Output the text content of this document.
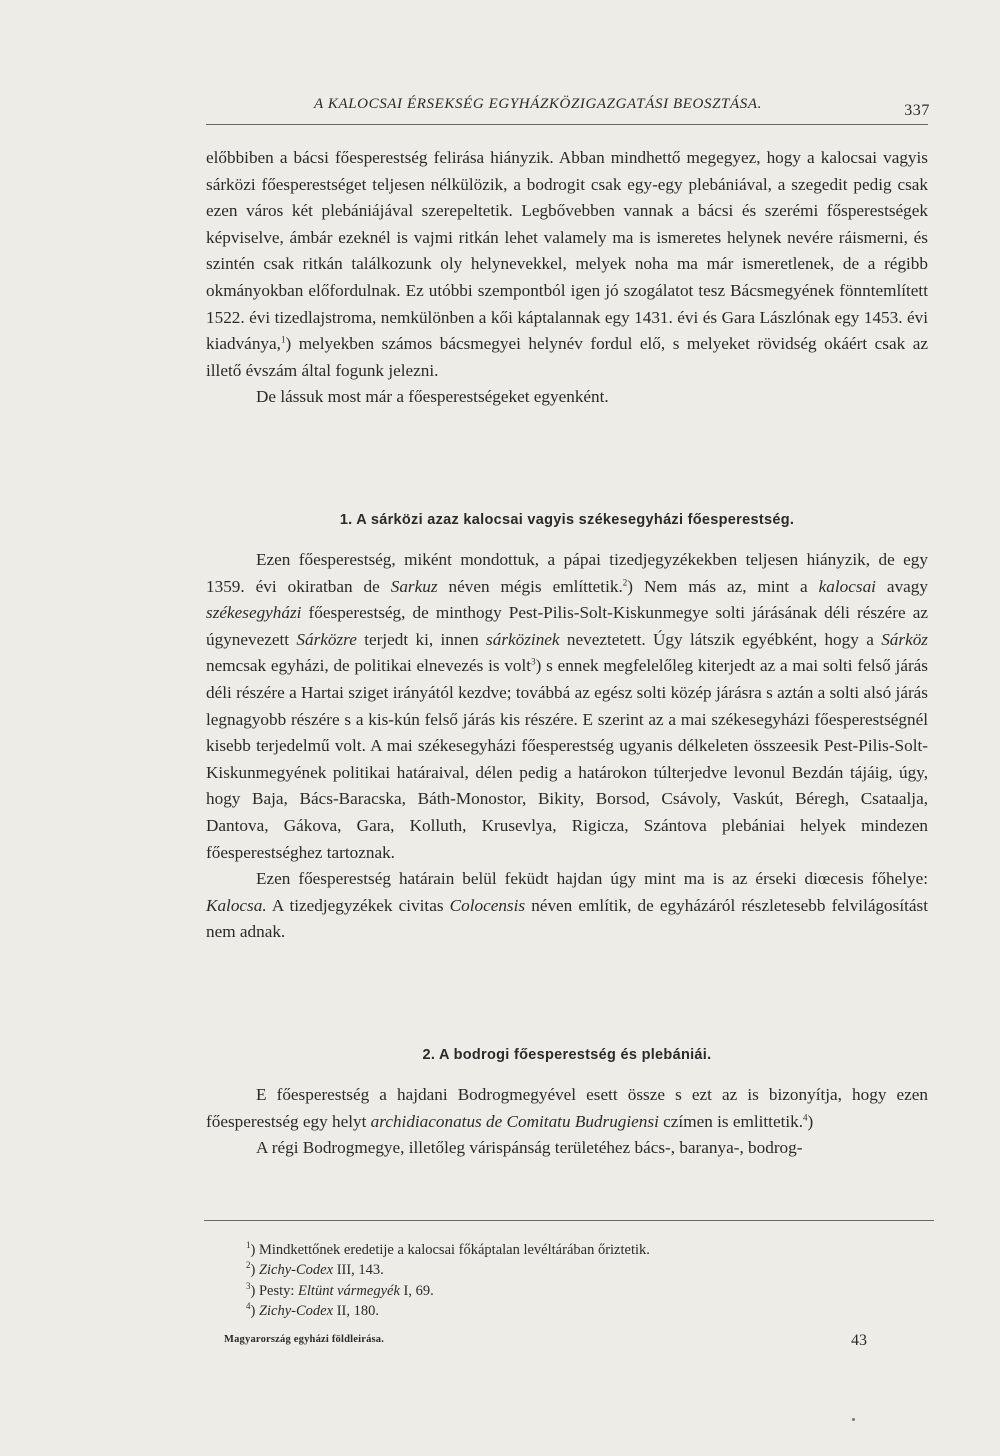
A KALOCSAI ÉRSEKSÉG EGYHÁZKÖZIGAZGATÁSI BEOSZTÁSA.	337

előbbiben a bácsi főesperestség felirása hiányzik. Abban mindhettő megegyez, hogy a kalocsai vagyis sárközi főesperestséget teljesen nélkülözik, a bodrogit csak egy-egy plebániával, a szegedit pedig csak ezen város két plebániájával szerepeltetik. Legbővebben vannak a bácsi és szerémi fősperestségek képviselve, ámbár ezeknél is vajmi ritkán lehet valamely ma is ismeretes helynek nevére ráismerni, és szintén csak ritkán találkozunk oly helynevekkel, melyek noha ma már ismeretlenek, de a régibb okmányokban előfordulnak. Ez utóbbi szempontból igen jó szogálatot tesz Bácsmegyének fönntemlített 1522. évi tizedlajstroma, nemkülönben a kői káptalannak egy 1431. évi és Gara Lászlónak egy 1453. évi kiadványa,$^1$) melyekben számos bácsmegyei helynév fordul elő, s melyeket rövidség okáért csak az illető évszám által fogunk jelezni.

De lássuk most már a főesperestségeket egyenként.

1. A sárközi azaz kalocsai vagyis székesegyházi főesperestség.

Ezen főesperestség, miként mondottuk, a pápai tizedjegyzékekben teljesen hiányzik, de egy 1359. évi okiratban de Sarkuz néven mégis említtetik.$^2$) Nem más az, mint a kalocsai avagy székesegyházi főesperestség, de minthogy Pest-Pilis-Solt-Kiskunmegye solti járásának déli részére az úgynevezett Sárközre terjedt ki, innen sárközinek neveztetett. Úgy látszik egyébként, hogy a Sárköz nemcsak egyházi, de politikai elnevezés is volt$^3$) s ennek megfelelőleg kiterjedt az a mai solti felső járás déli részére a Hartai sziget irányától kezdve; továbbá az egész solti közép járásra s aztán a solti alsó járás legnagyobb részére s a kis-kún felső járás kis részére. E szerint az a mai székesegyházi főesperestségnél kisebb terjedelmű volt. A mai székesegyházi főesperestség ugyanis délkeleten összeesik Pest-Pilis-Solt-Kiskunmegyének politikai határaival, délen pedig a határokon túlterjedve levonul Bezdán tájáig, úgy, hogy Baja, Bács-Baracska, Báth-Monostor, Bikity, Borsod, Csávoly, Vaskút, Béregh, Csataalja, Dantova, Gákova, Gara, Kolluth, Krusevlya, Rigicza, Szántova plebániai helyek mindezen főesperestséghez tartoznak.

Ezen főesperestség határain belül feküdt hajdan úgy mint ma is az érseki diœcesis főhelye: Kalocsa. A tizedjegyzékek civitas Colocensis néven említik, de egyházáról részletesebb felvilágosítást nem adnak.

2. A bodrogi főesperestség és plebániái.

E főesperestség a hajdani Bodrogmegyével esett össze s ezt az is bizonyítja, hogy ezen főesperestség egy helyt archidiaconatus de Comitatu Budrugiensi czímen is emlittetik.$^4$)

A régi Bodrogmegye, illetőleg várispánság területéhez bács-, baranya-, bodrog-

$^1$) Mindkettőnek eredetije a kalocsai főkáptalan levéltárában őriztetik.

$^2$) Zichy-Codex III, 143.

$^3$) Pesty: Eltünt vármegyék I, 69.

$^4$) Zichy-Codex II, 180.

Magyarország egyházi földleirása.	43
